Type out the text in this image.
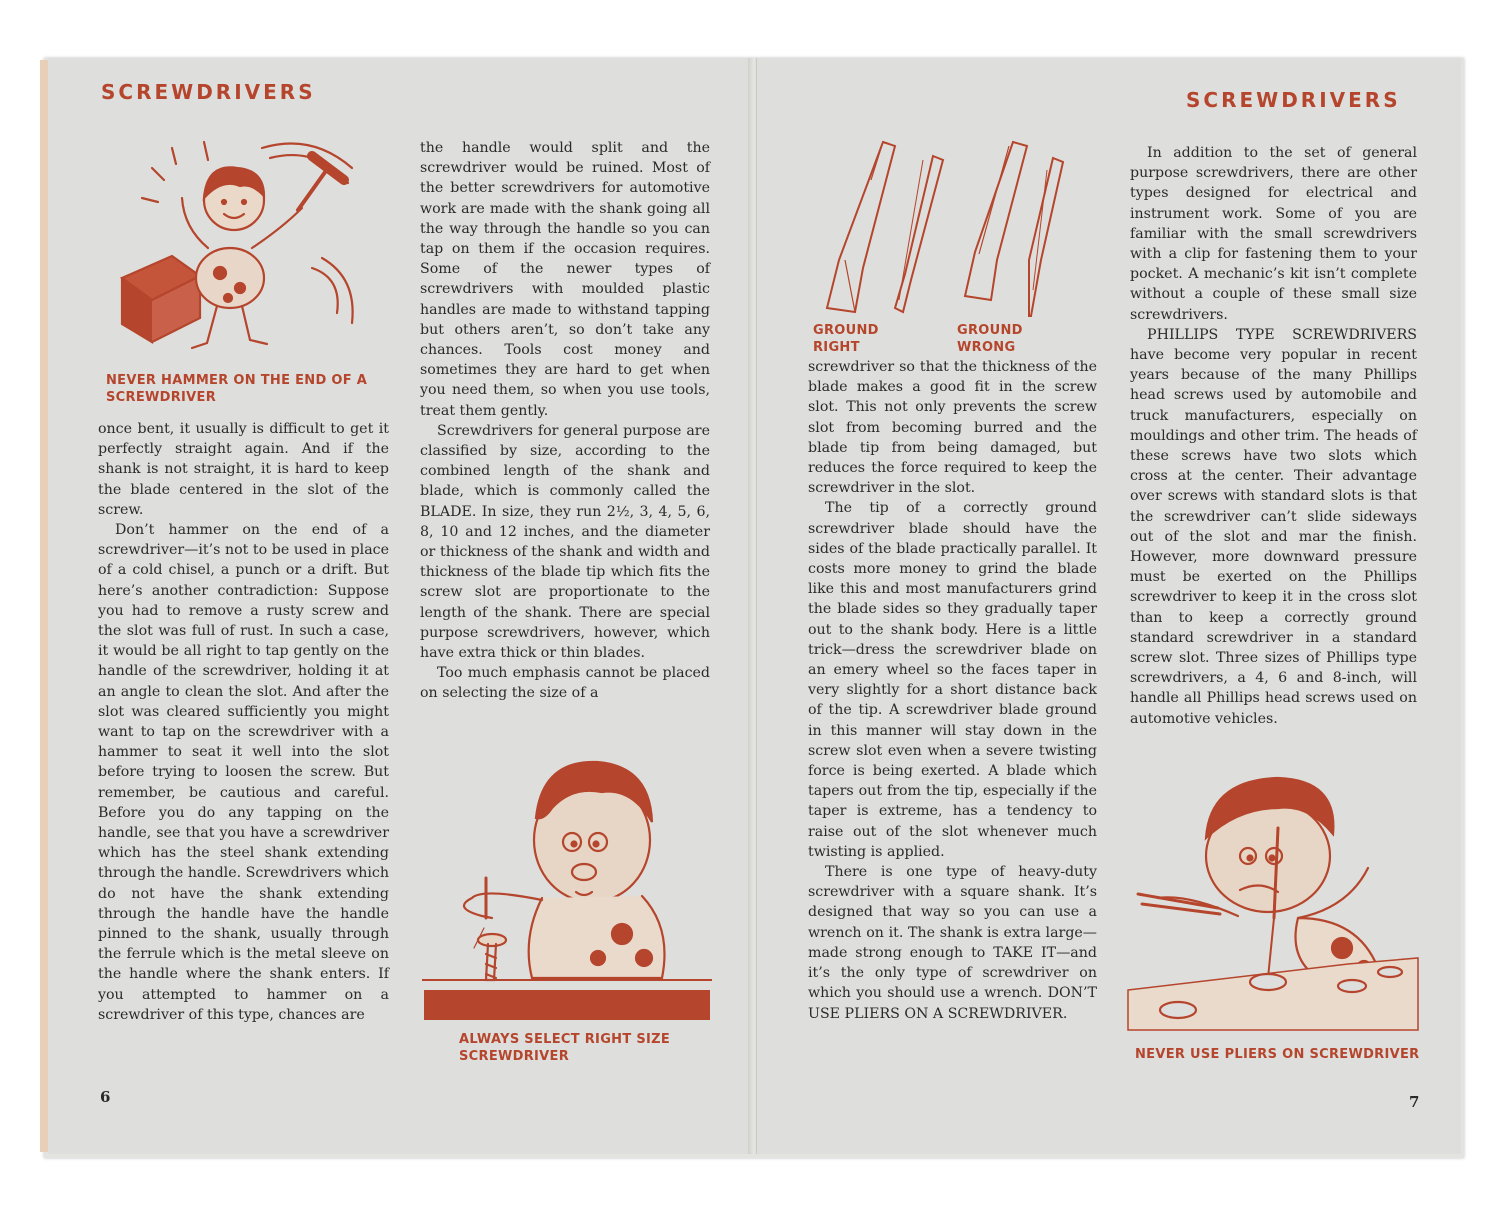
SCREWDRIVERS
NEVER HAMMER ON THE END OF A SCREWDRIVER

once bent, it usually is difficult to get it perfectly straight again. And if the shank is not straight, it is hard to keep the blade centered in the slot of the screw.

Don’t hammer on the end of a screwdriver—it’s not to be used in place of a cold chisel, a punch or a drift. But here’s another contradiction: Suppose you had to remove a rusty screw and the slot was full of rust. In such a case, it would be all right to tap gently on the handle of the screwdriver, holding it at an angle to clean the slot. And after the slot was cleared sufficiently you might want to tap on the screwdriver with a hammer to seat it well into the slot before trying to loosen the screw. But remember, be cautious and careful. Before you do any tapping on the handle, see that you have a screwdriver which has the steel shank extending through the handle. Screwdrivers which do not have the shank extending through the handle have the handle pinned to the shank, usually through the ferrule which is the metal sleeve on the handle where the shank enters. If you attempted to hammer on a screwdriver of this type, chances are

the handle would split and the screwdriver would be ruined. Most of the better screwdrivers for automotive work are made with the shank going all the way through the handle so you can tap on them if the occasion requires. Some of the newer types of screwdrivers with moulded plastic handles are made to withstand tapping but others aren’t, so don’t take any chances. Tools cost money and sometimes they are hard to get when you need them, so when you use tools, treat them gently.

Screwdrivers for general purpose are classified by size, according to the combined length of the shank and blade, which is commonly called the BLADE. In size, they run 2½, 3, 4, 5, 6, 8, 10 and 12 inches, and the diameter or thickness of the shank and width and thickness of the blade tip which fits the screw slot are proportionate to the length of the shank. There are special purpose screwdrivers, however, which have extra thick or thin blades.

Too much emphasis cannot be placed on selecting the size of a

ALWAYS SELECT RIGHT SIZE SCREWDRIVER
6
SCREWDRIVERS
GROUND RIGHT
GROUND WRONG

screwdriver so that the thickness of the blade makes a good fit in the screw slot. This not only prevents the screw slot from becoming burred and the blade tip from being damaged, but reduces the force required to keep the screwdriver in the slot.

The tip of a correctly ground screwdriver blade should have the sides of the blade practically parallel. It costs more money to grind the blade like this and most manufacturers grind the blade sides so they gradually taper out to the shank body. Here is a little trick—dress the screwdriver blade on an emery wheel so the faces taper in very slightly for a short distance back of the tip. A screwdriver blade ground in this manner will stay down in the screw slot even when a severe twisting force is being exerted. A blade which tapers out from the tip, especially if the taper is extreme, has a tendency to raise out of the slot whenever much twisting is applied.

There is one type of heavy-duty screwdriver with a square shank. It’s designed that way so you can use a wrench on it. The shank is extra large—made strong enough to TAKE IT—and it’s the only type of screwdriver on which you should use a wrench. DON’T USE PLIERS ON A SCREWDRIVER.

In addition to the set of general purpose screwdrivers, there are other types designed for electrical and instrument work. Some of you are familiar with the small screwdrivers with a clip for fastening them to your pocket. A mechanic’s kit isn’t complete without a couple of these small size screwdrivers.

PHILLIPS TYPE SCREWDRIVERS have become very popular in recent years because of the many Phillips head screws used by automobile and truck manufacturers, especially on mouldings and other trim. The heads of these screws have two slots which cross at the center. Their advantage over screws with standard slots is that the screwdriver can’t slide sideways out of the slot and mar the finish. However, more downward pressure must be exerted on the Phillips screwdriver to keep it in the cross slot than to keep a correctly ground standard screwdriver in a standard screw slot. Three sizes of Phillips type screwdrivers, a 4, 6 and 8-inch, will handle all Phillips head screws used on automotive vehicles.

NEVER USE PLIERS ON SCREWDRIVER
7
